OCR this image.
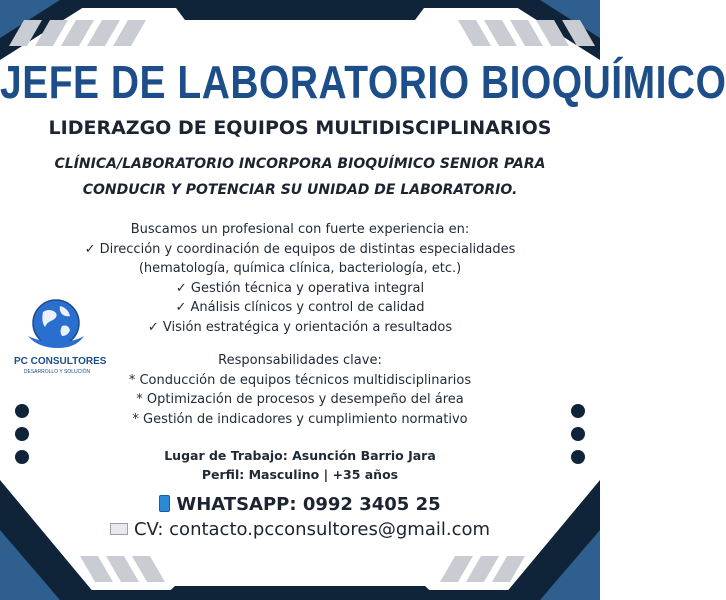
PC CONSULTORES
DESARROLLO Y SOLUCIÓN
JEFE DE LABORATORIO BIOQUÍMICO
LIDERAZGO DE EQUIPOS MULTIDISCIPLINARIOS
CLÍNICA/LABORATORIO INCORPORA BIOQUÍMICO SENIOR PARA
CONDUCIR Y POTENCIAR SU UNIDAD DE LABORATORIO.
Buscamos un profesional con fuerte experiencia en:
✓ Dirección y coordinación de equipos de distintas especialidades
(hematología, química clínica, bacteriología, etc.)
✓ Gestión técnica y operativa integral
✓ Análisis clínicos y control de calidad
✓ Visión estratégica y orientación a resultados
Responsabilidades clave:
* Conducción de equipos técnicos multidisciplinarios
* Optimización de procesos y desempeño del área
* Gestión de indicadores y cumplimiento normativo
Lugar de Trabajo: Asunción Barrio Jara
Perfil: Masculino | +35 años
WHATSAPP: 0992 3405 25
CV: contacto.pcconsultores@gmail.com
